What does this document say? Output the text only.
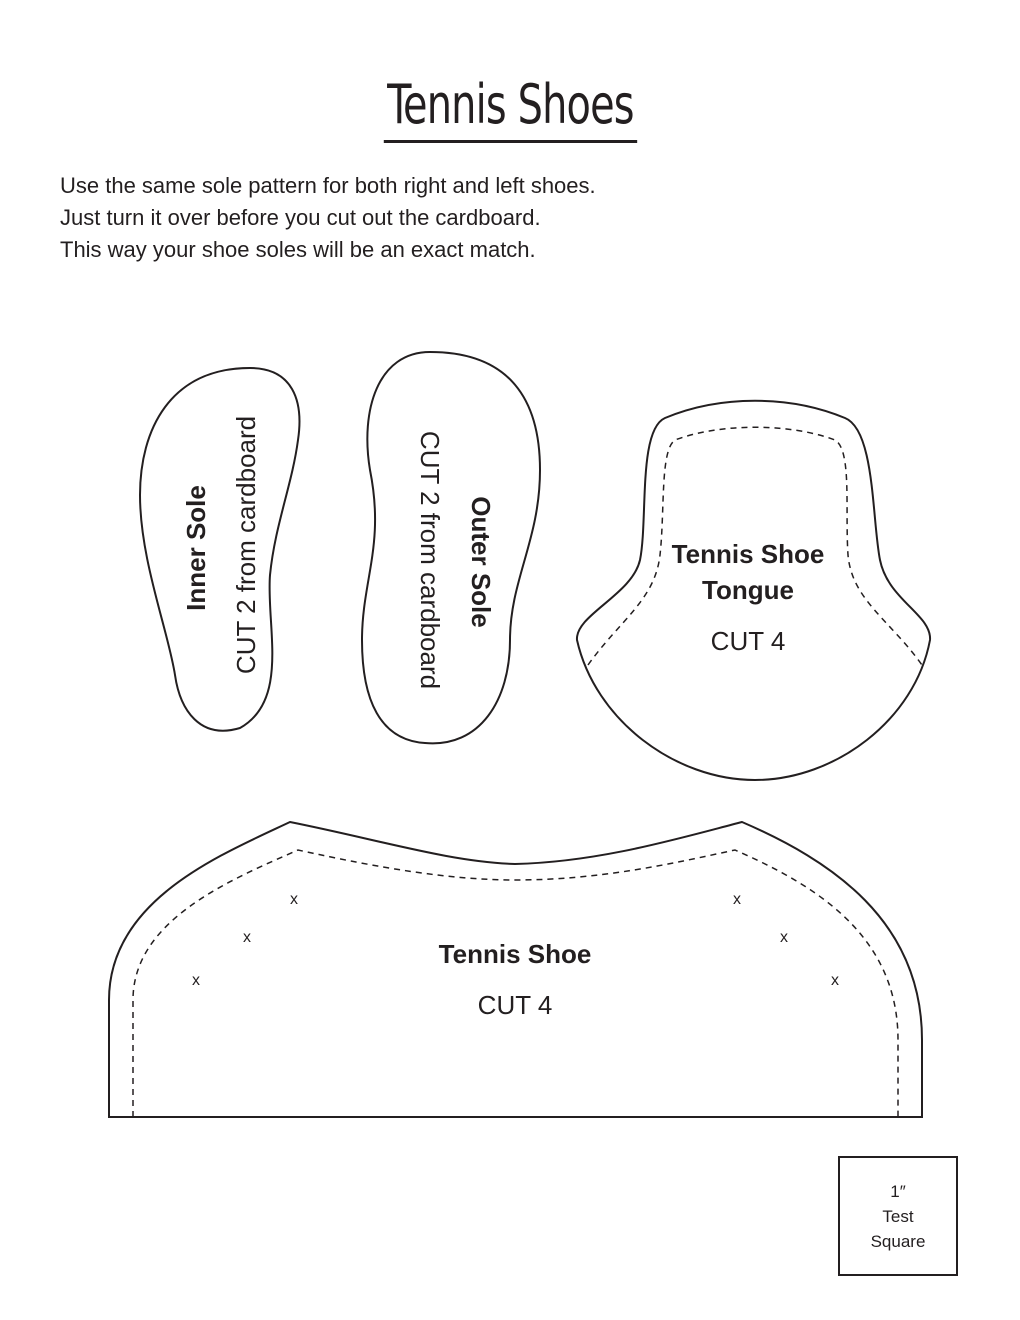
Tennis Shoes
Use the same sole pattern for both right and left shoes.
Just turn it over before you cut out the cardboard.
This way your shoe soles will be an exact match.
Inner Sole CUT 2 from cardboard	Outer Sole
CUT 2 from cardboard	Tennis Shoe
Tongue
CUT 4
x
x
x
x
x
x
Tennis Shoe
CUT 4
1″
Test
Square
